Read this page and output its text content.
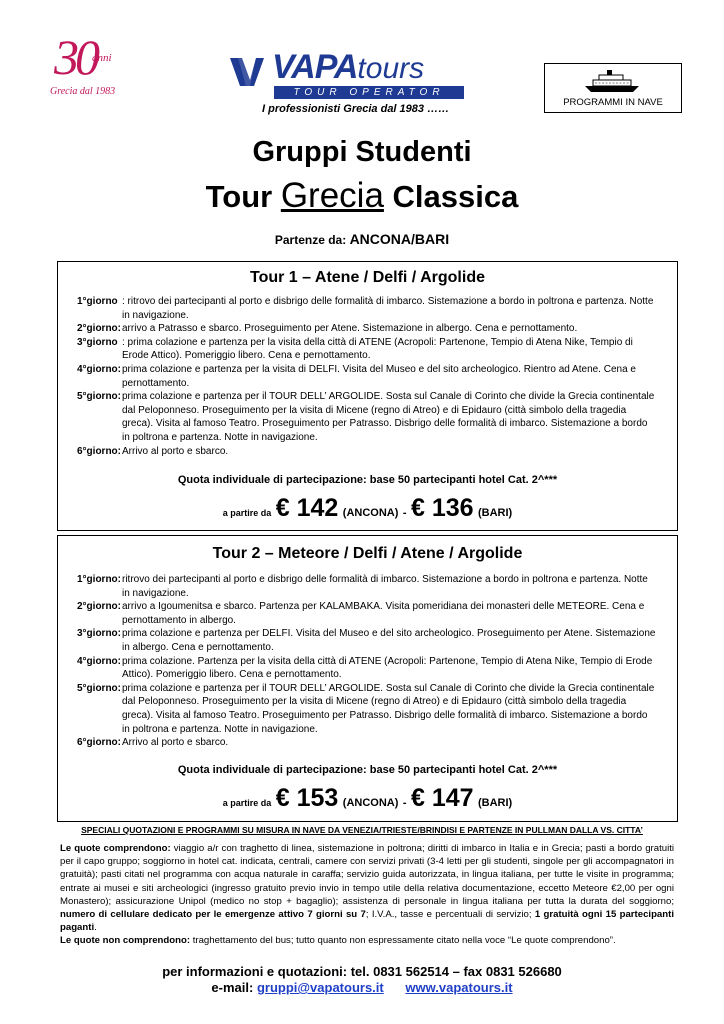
30
anni
Grecia dal 1983
VAPAtours
TOUR OPERATOR
I professionisti Grecia dal 1983 ……
PROGRAMMI IN NAVE
Gruppi Studenti
Tour Grecia Classica
Partenze da: ANCONA/BARI
Tour 1 – Atene / Delfi / Argolide
1°giorno : ritrovo dei partecipanti al porto e disbrigo delle formalità di imbarco. Sistemazione a bordo in poltrona e partenza. Notte in navigazione.
2°giorno: arrivo a Patrasso e sbarco. Proseguimento per Atene. Sistemazione in albergo. Cena e pernottamento.
3°giorno : prima colazione e partenza per la visita della città di ATENE (Acropoli: Partenone, Tempio di Atena Nike, Tempio di Erode Attico). Pomeriggio libero. Cena e pernottamento.
4°giorno: prima colazione e partenza per la visita di DELFI. Visita del Museo e del sito archeologico. Rientro ad Atene. Cena e pernottamento.
5°giorno: prima colazione e partenza per il TOUR DELL’ ARGOLIDE. Sosta sul Canale di Corinto che divide la Grecia continentale dal Peloponneso. Proseguimento per la visita di Micene (regno di Atreo) e di Epidauro (città simbolo della tragedia greca). Visita al famoso Teatro. Proseguimento per Patrasso. Disbrigo delle formalità di imbarco. Sistemazione a bordo in poltrona e partenza. Notte in navigazione.
6°giorno: Arrivo al porto e sbarco.
Quota individuale di partecipazione: base 50 partecipanti hotel Cat. 2^***
a partire da € 142 (ANCONA) - € 136 (BARI)
Tour 2 – Meteore / Delfi / Atene / Argolide
1°giorno: ritrovo dei partecipanti al porto e disbrigo delle formalità di imbarco. Sistemazione a bordo in poltrona e partenza. Notte in navigazione.
2°giorno: arrivo a Igoumenitsa e sbarco. Partenza per KALAMBAKA. Visita pomeridiana dei monasteri delle METEORE. Cena e pernottamento in albergo.
3°giorno: prima colazione e partenza per DELFI. Visita del Museo e del sito archeologico. Proseguimento per Atene. Sistemazione in albergo. Cena e pernottamento.
4°giorno: prima colazione. Partenza per la visita della città di ATENE (Acropoli: Partenone, Tempio di Atena Nike, Tempio di Erode Attico). Pomeriggio libero. Cena e pernottamento.
5°giorno: prima colazione e partenza per il TOUR DELL’ ARGOLIDE. Sosta sul Canale di Corinto che divide la Grecia continentale dal Peloponneso. Proseguimento per la visita di Micene (regno di Atreo) e di Epidauro (città simbolo della tragedia greca). Visita al famoso Teatro. Proseguimento per Patrasso. Disbrigo delle formalità di imbarco. Sistemazione a bordo in poltrona e partenza. Notte in navigazione.
6°giorno: Arrivo al porto e sbarco.
Quota individuale di partecipazione: base 50 partecipanti hotel Cat. 2^***
a partire da € 153 (ANCONA) - € 147 (BARI)
SPECIALI QUOTAZIONI E PROGRAMMI SU MISURA IN NAVE DA VENEZIA/TRIESTE/BRINDISI E PARTENZE IN PULLMAN DALLA VS. CITTA’
Le quote comprendono: viaggio a/r con traghetto di linea, sistemazione in poltrona; diritti di imbarco in Italia e in Grecia; pasti a bordo gratuiti per il capo gruppo; soggiorno in hotel cat. indicata, centrali, camere con servizi privati (3-4 letti per gli studenti, singole per gli accompagnatori in gratuità); pasti citati nel programma con acqua naturale in caraffa; servizio guida autorizzata, in lingua italiana, per tutte le visite in programma; entrate ai musei e siti archeologici (ingresso gratuito previo invio in tempo utile della relativa documentazione, eccetto Meteore €2,00 per ogni Monastero); assicurazione Unipol (medico no stop + bagaglio); assistenza di personale in lingua italiana per tutta la durata del soggiorno; numero di cellulare dedicato per le emergenze attivo 7 giorni su 7; I.V.A., tasse e percentuali di servizio; 1 gratuità ogni 15 partecipanti paganti.
Le quote non comprendono: traghettamento del bus; tutto quanto non espressamente citato nella voce “Le quote comprendono”.
per informazioni e quotazioni: tel. 0831 562514 – fax 0831 526680
e-mail: gruppi@vapatours.it www.vapatours.it
